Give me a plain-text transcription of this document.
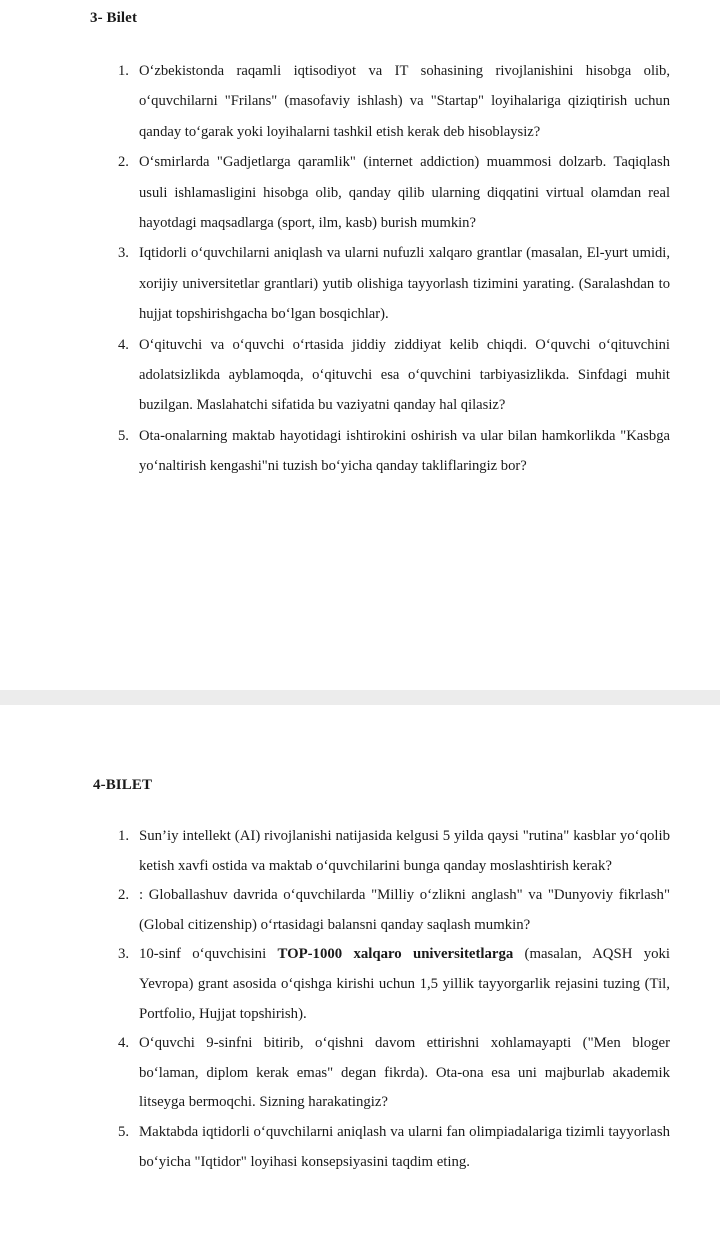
3- Bilet
1. O‘zbekistonda raqamli iqtisodiyot va IT sohasining rivojlanishini hisobga olib, o‘quvchilarni "Frilans" (masofaviy ishlash) va "Startap" loyihalariga qiziqtirish uchun qanday to‘garak yoki loyihalarni tashkil etish kerak deb hisoblaysiz?
2. O‘smirlarda "Gadjetlarga qaramlik" (internet addiction) muammosi dolzarb. Taqiqlash usuli ishlamasligini hisobga olib, qanday qilib ularning diqqatini virtual olamdan real hayotdagi maqsadlarga (sport, ilm, kasb) burish mumkin?
3. Iqtidorli o‘quvchilarni aniqlash va ularni nufuzli xalqaro grantlar (masalan, El-yurt umidi, xorijiy universitetlar grantlari) yutib olishiga tayyorlash tizimini yarating. (Saralashdan to hujjat topshirishgacha bo‘lgan bosqichlar).
4. O‘qituvchi va o‘quvchi o‘rtasida jiddiy ziddiyat kelib chiqdi. O‘quvchi o‘qituvchini adolatsizlikda ayblamoqda, o‘qituvchi esa o‘quvchini tarbiyasizlikda. Sinfdagi muhit buzilgan. Maslahatchi sifatida bu vaziyatni qanday hal qilasiz?
5. Ota-onalarning maktab hayotidagi ishtirokini oshirish va ular bilan hamkorlikda "Kasbga yo‘naltirish kengashi"ni tuzish bo‘yicha qanday takliflaringiz bor?
4-BILET
1. Sun’iy intellekt (AI) rivojlanishi natijasida kelgusi 5 yilda qaysi "rutina" kasblar yo‘qolib ketish xavfi ostida va maktab o‘quvchilarini bunga qanday moslashtirish kerak?
2. : Globallashuv davrida o‘quvchilarda "Milliy o‘zlikni anglash" va "Dunyoviy fikrlash" (Global citizenship) o‘rtasidagi balansni qanday saqlash mumkin?
3. 10-sinf o‘quvchisini TOP-1000 xalqaro universitetlarga (masalan, AQSH yoki Yevropa) grant asosida o‘qishga kirishi uchun 1,5 yillik tayyorgarlik rejasini tuzing (Til, Portfolio, Hujjat topshirish).
4. O‘quvchi 9-sinfni bitirib, o‘qishni davom ettirishni xohlamayapti ("Men bloger bo‘laman, diplom kerak emas" degan fikrda). Ota-ona esa uni majburlab akademik litseyga bermoqchi. Sizning harakatingiz?
5. Maktabda iqtidorli o‘quvchilarni aniqlash va ularni fan olimpiadalariga tizimli tayyorlash bo‘yicha "Iqtidor" loyihasi konsepsiyasini taqdim eting.
